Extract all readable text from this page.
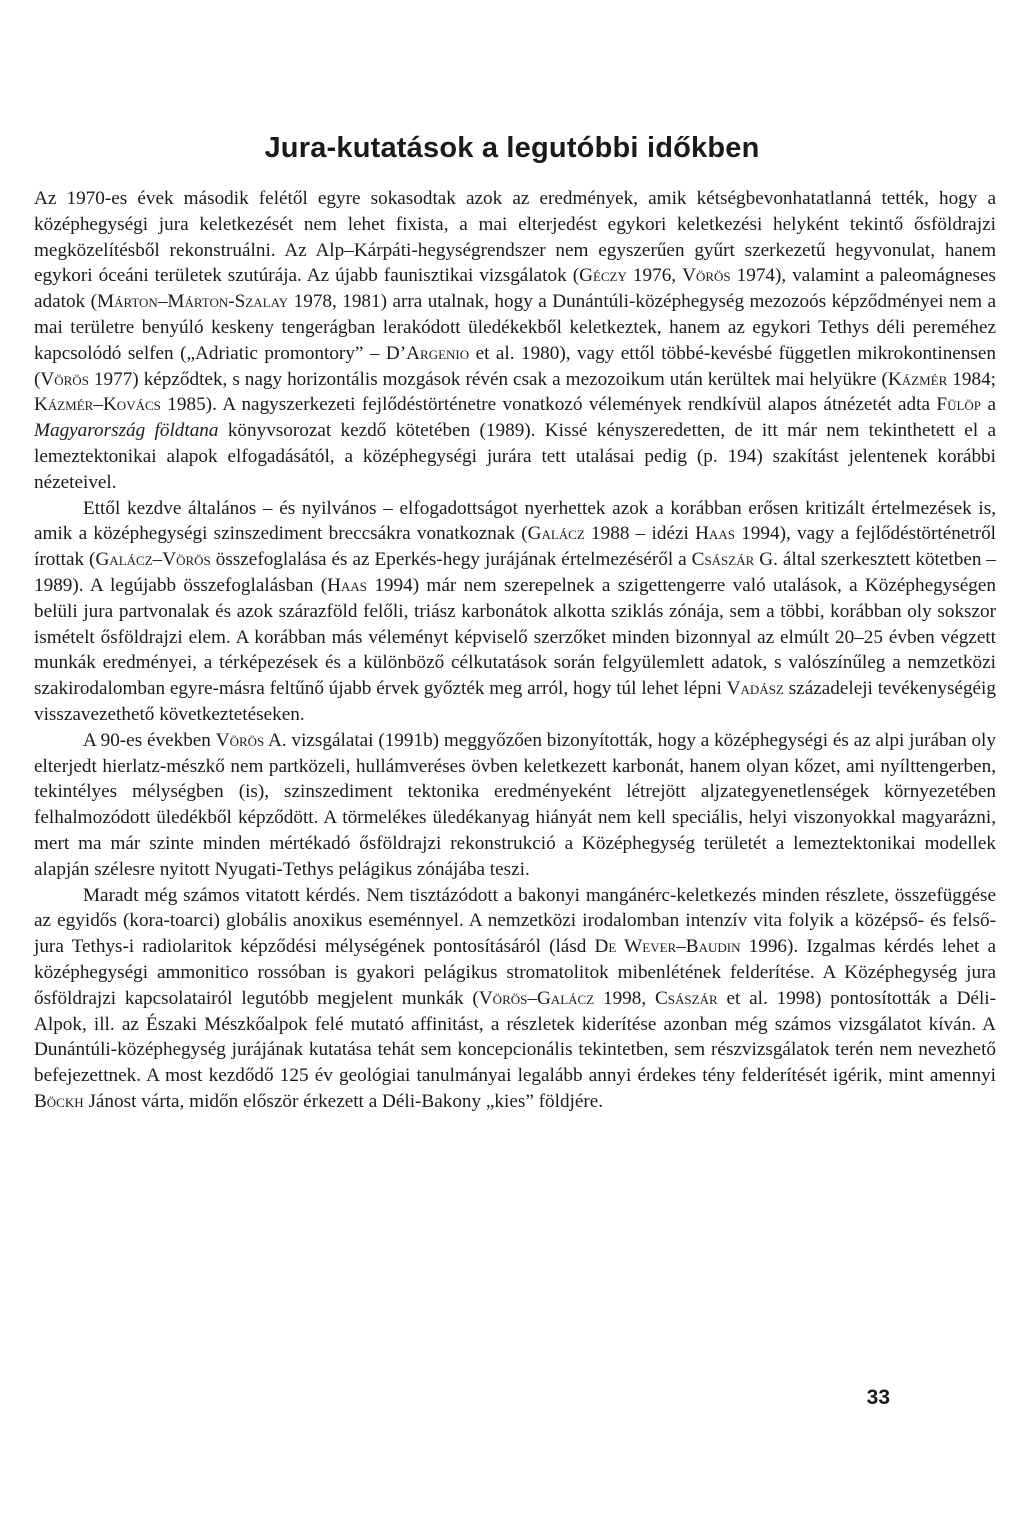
Jura-kutatások a legutóbbi időkben

Az 1970-es évek második felétől egyre sokasodtak azok az eredmények, amik kétségbevonhatatlanná tették, hogy a középhegységi jura keletkezését nem lehet fixista, a mai elterjedést egykori keletkezési helyként tekintő ősföldrajzi megközelítésből rekonstruálni. Az Alp–Kárpáti-hegységrendszer nem egyszerűen gyűrt szerkezetű hegyvonulat, hanem egykori óceáni területek szutúrája. Az újabb faunisztikai vizsgálatok (Géczy 1976, Vörös 1974), valamint a paleomágneses adatok (Márton–Márton-Szalay 1978, 1981) arra utalnak, hogy a Dunántúli-középhegység mezozoós képződményei nem a mai területre benyúló keskeny tengerágban lerakódott üledékekből keletkeztek, hanem az egykori Tethys déli pereméhez kapcsolódó selfen („Adriatic promontory” – D’Argenio et al. 1980), vagy ettől többé-kevésbé független mikrokontinensen (Vörös 1977) képződtek, s nagy horizontális mozgások révén csak a mezozoikum után kerültek mai helyükre (Kázmér 1984; Kázmér–Kovács 1985). A nagyszerkezeti fejlődéstörténetre vonatkozó vélemények rendkívül alapos átnézetét adta Fülöp a Magyarország földtana könyvsorozat kezdő kötetében (1989). Kissé kényszeredetten, de itt már nem tekinthetett el a lemeztektonikai alapok elfogadásától, a középhegységi jurára tett utalásai pedig (p. 194) szakítást jelentenek korábbi nézeteivel.

Ettől kezdve általános – és nyilvános – elfogadottságot nyerhettek azok a korábban erősen kritizált értelmezések is, amik a középhegységi szinszediment breccsákra vonatkoznak (Galácz 1988 – idézi Haas 1994), vagy a fejlődéstörténetről írottak (Galácz–Vörös összefoglalása és az Eperkés-hegy jurájának értelmezéséről a Császár G. által szerkesztett kötetben – 1989). A legújabb összefoglalásban (Haas 1994) már nem szerepelnek a szigettengerre való utalások, a Középhegységen belüli jura partvonalak és azok szárazföld felőli, triász karbonátok alkotta sziklás zónája, sem a többi, korábban oly sokszor ismételt ősföldrajzi elem. A korábban más véleményt képviselő szerzőket minden bizonnyal az elmúlt 20–25 évben végzett munkák eredményei, a térképezések és a különböző célkutatások során felgyülemlett adatok, s valószínűleg a nemzetközi szakirodalomban egyre-másra feltűnő újabb érvek győzték meg arról, hogy túl lehet lépni Vadász századeleji tevékenységéig visszavezethető következtetéseken.

A 90-es években Vörös A. vizsgálatai (1991b) meggyőzően bizonyították, hogy a középhegységi és az alpi jurában oly elterjedt hierlatz-mészkő nem partközeli, hullámveréses övben keletkezett karbonát, hanem olyan kőzet, ami nyílttengerben, tekintélyes mélységben (is), szinszediment tektonika eredményeként létrejött aljzategyenetlenségek környezetében felhalmozódott üledékből képződött. A törmelékes üledékanyag hiányát nem kell speciális, helyi viszonyokkal magyarázni, mert ma már szinte minden mértékadó ősföldrajzi rekonstrukció a Középhegység területét a lemeztektonikai modellek alapján szélesre nyitott Nyugati-Tethys pelágikus zónájába teszi.

Maradt még számos vitatott kérdés. Nem tisztázódott a bakonyi mangánérc-keletkezés minden részlete, összefüggése az egyidős (kora-toarci) globális anoxikus eseménnyel. A nemzetközi irodalomban intenzív vita folyik a középső- és felső-jura Tethys-i radiolaritok képződési mélységének pontosításáról (lásd De Wever–Baudin 1996). Izgalmas kérdés lehet a középhegységi ammonitico rossóban is gyakori pelágikus stromatolitok mibenlétének felderítése. A Középhegység jura ősföldrajzi kapcsolatairól legutóbb megjelent munkák (Vörös–Galácz 1998, Császár et al. 1998) pontosították a Déli-Alpok, ill. az Északi Mészkőalpok felé mutató affinitást, a részletek kiderítése azonban még számos vizsgálatot kíván. A Dunántúli-középhegység jurájának kutatása tehát sem koncepcionális tekintetben, sem részvizsgálatok terén nem nevezhető befejezettnek. A most kezdődő 125 év geológiai tanulmányai legalább annyi érdekes tény felderítését igérik, mint amennyi Böckh Jánost várta, midőn először érkezett a Déli-Bakony „kies” földjére.

33
